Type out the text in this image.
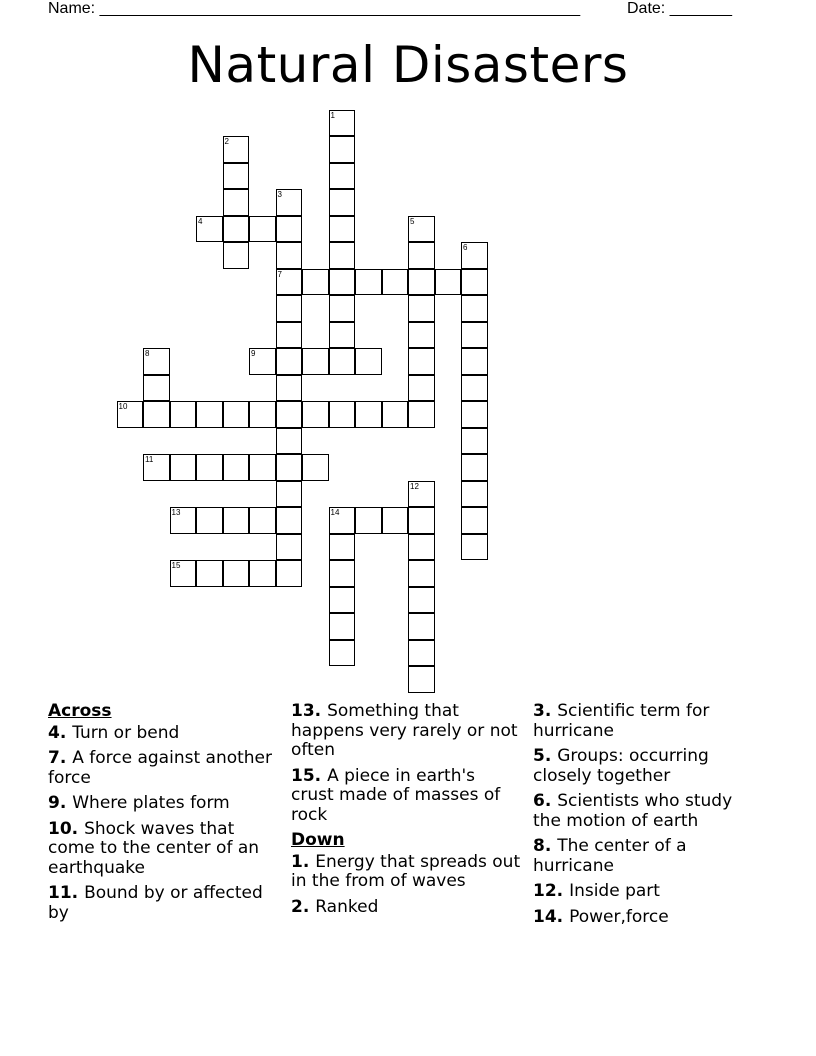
Name: ______________________________________________________	Date: _______
Natural Disasters
1
2
3
7
4	5
6
8	9
10
11
12
13	14
15
Across
4. Turn or bend
7. A force against another force
9. Where plates form
10. Shock waves that come to the center of an earthquake
11. Bound by or affected by
13. Something that happens very rarely or not often
15. A piece in earth's crust made of masses of rock
Down
1. Energy that spreads out in the from of waves
2. Ranked
3. Scientific term for hurricane
5. Groups: occurring closely together
6. Scientists who study the motion of earth
8. The center of a hurricane
12. Inside part
14. Power,force
